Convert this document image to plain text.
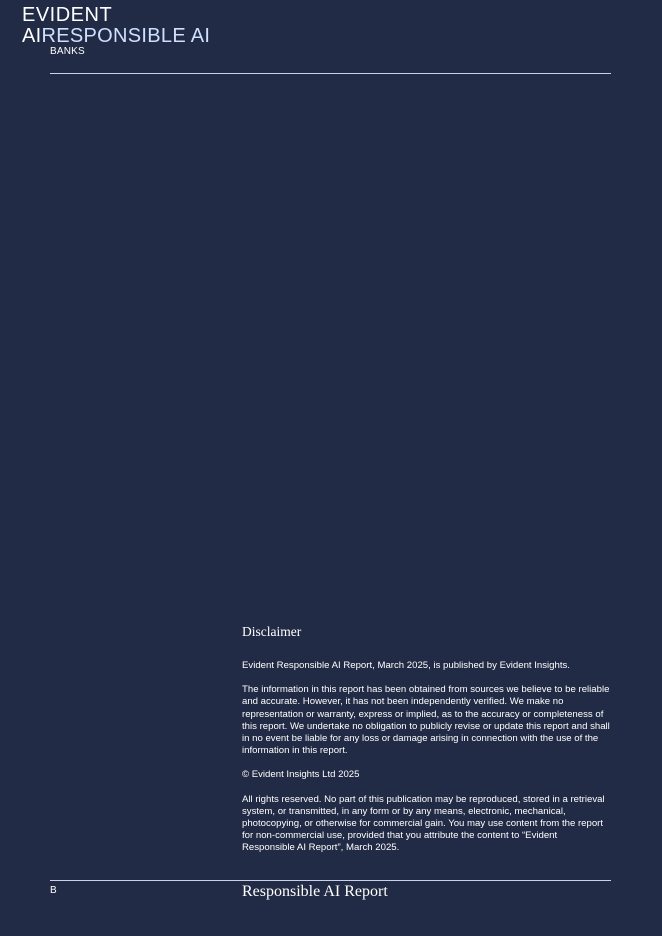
EVIDENT
AIRESPONSIBLE AI
BANKS
Disclaimer

Evident Responsible AI Report, March 2025, is published by Evident Insights.

The information in this report has been obtained from sources we believe to be reliable and accurate. However, it has not been independently verified. We make no representation or warranty, express or implied, as to the accuracy or completeness of this report. We undertake no obligation to publicly revise or update this report and shall in no event be liable for any loss or damage arising in connection with the use of the information in this report.

© Evident Insights Ltd 2025

All rights reserved. No part of this publication may be reproduced, stored in a retrieval system, or transmitted, in any form or by any means, electronic, mechanical, photocopying, or otherwise for commercial gain. You may use content from the report for non-commercial use, provided that you attribute the content to “Evident Responsible AI Report”, March 2025.

B	Responsible AI Report
